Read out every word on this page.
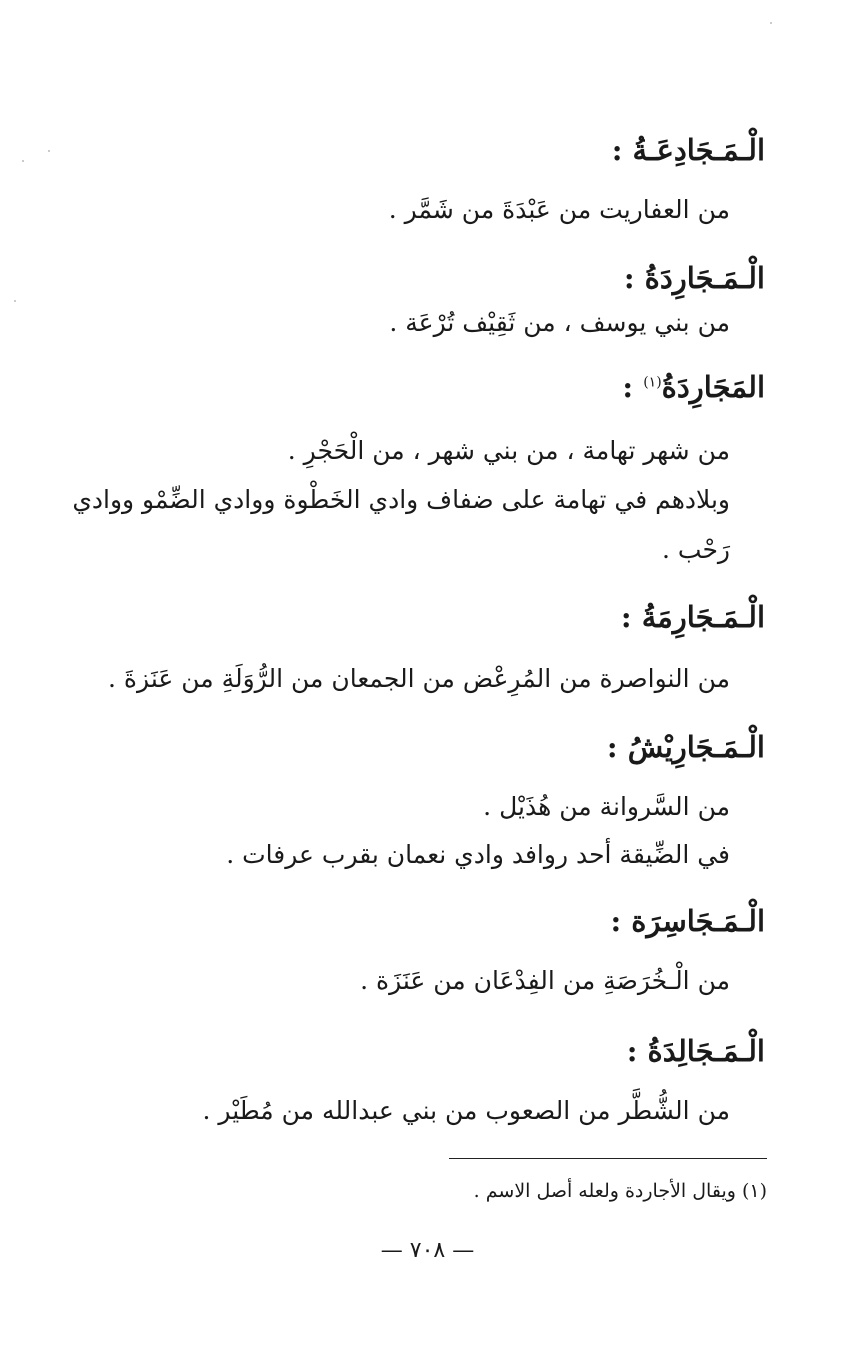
الْـمَـجَادِعَـةُ :
من العفاريت من عَبْدَةَ من شَمَّر .
الْـمَـجَارِدَةُ :
من بني يوسف ، من ثَقِيْف تُرْعَة .
المَجَارِدَةُ$^{(١)}$ :
من شهر تهامة ، من بني شهر ، من الْحَجْرِ .
وبلادهم في تهامة على ضفاف وادي الخَطْوة ووادي الضِّمْو ووادي
رَحْب .
الْـمَـجَارِمَةُ :
من النواصرة من المُرِعْض من الجمعان من الرُّوَلَةِ من عَنَزةَ .
الْـمَـجَارِيْشُ :
من السَّروانة من هُذَيْل .
في الضِّيقة أحد روافد وادي نعمان بقرب عرفات .
الْـمَـجَاسِرَة :
من الْـخُرَصَةِ من الفِدْعَان من عَنَزَة .
الْـمَـجَالِدَةُ :
من الشُّطَّر من الصعوب من بني عبدالله من مُطَيْر .
(١) ويقال الأجاردة ولعله أصل الاسم .
— ٧٠٨ —
